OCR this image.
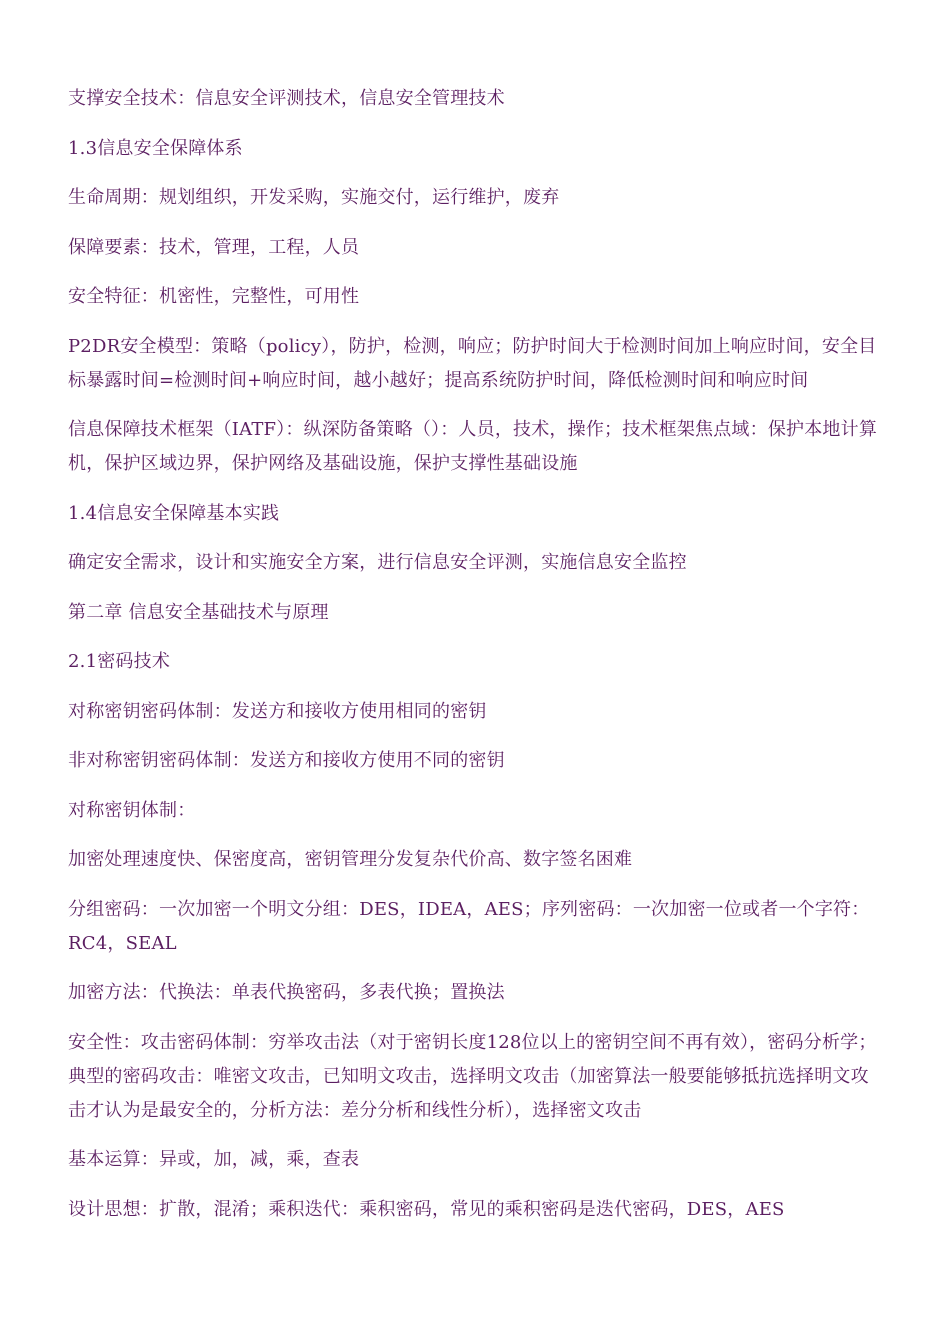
支撑安全技术：信息安全评测技术，信息安全管理技术

1.3信息安全保障体系

生命周期：规划组织，开发采购，实施交付，运行维护，废弃

保障要素：技术，管理，工程，人员

安全特征：机密性，完整性，可用性

P2DR安全模型：策略（policy），防护，检测，响应；防护时间大于检测时间加上响应时间，安全目标暴露时间=检测时间+响应时间，越小越好；提高系统防护时间，降低检测时间和响应时间

信息保障技术框架（IATF）：纵深防备策略（）：人员，技术，操作；技术框架焦点域：保护本地计算机，保护区域边界，保护网络及基础设施，保护支撑性基础设施

1.4信息安全保障基本实践

确定安全需求，设计和实施安全方案，进行信息安全评测，实施信息安全监控

第二章 信息安全基础技术与原理

2.1密码技术

对称密钥密码体制：发送方和接收方使用相同的密钥

非对称密钥密码体制：发送方和接收方使用不同的密钥

对称密钥体制：

加密处理速度快、保密度高，密钥管理分发复杂代价高、数字签名困难

分组密码：一次加密一个明文分组：DES，IDEA，AES；序列密码：一次加密一位或者一个字符：RC4，SEAL

加密方法：代换法：单表代换密码，多表代换；置换法

安全性：攻击密码体制：穷举攻击法（对于密钥长度128位以上的密钥空间不再有效），密码分析学；典型的密码攻击：唯密文攻击，已知明文攻击，选择明文攻击（加密算法一般要能够抵抗选择明文攻击才认为是最安全的，分析方法：差分分析和线性分析），选择密文攻击

基本运算：异或，加，减，乘，查表

设计思想：扩散，混淆；乘积迭代：乘积密码，常见的乘积密码是迭代密码，DES，AES
